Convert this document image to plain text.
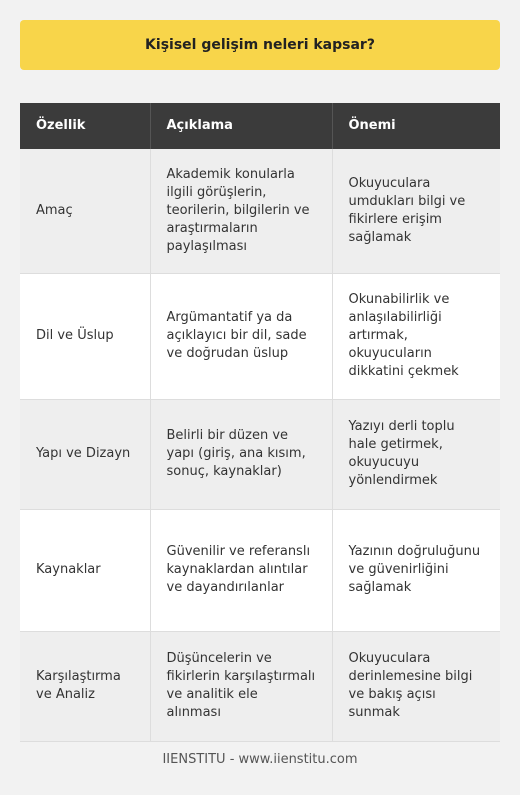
Kişisel gelişim neleri kapsar?
Özellik	Açıklama	Önemi
Amaç	Akademik konularla ilgili görüşlerin, teorilerin, bilgilerin ve araştırmaların paylaşılması	Okuyuculara umdukları bilgi ve fikirlere erişim sağlamak
Dil ve Üslup	Argümantatif ya da açıklayıcı bir dil, sade ve doğrudan üslup	Okunabilirlik ve anlaşılabilirliği artırmak, okuyucuların dikkatini çekmek
Yapı ve Dizayn	Belirli bir düzen ve yapı (giriş, ana kısım, sonuç, kaynaklar)	Yazıyı derli toplu hale getirmek, okuyucuyu yönlendirmek
Kaynaklar	Güvenilir ve referanslı kaynaklardan alıntılar ve dayandırılanlar	Yazının doğruluğunu ve güvenirliğini sağlamak
Karşılaştırma ve Analiz	Düşüncelerin ve fikirlerin karşılaştırmalı ve analitik ele alınması	Okuyuculara derinlemesine bilgi ve bakış açısı sunmak
IIENSTITU - www.iienstitu.com
